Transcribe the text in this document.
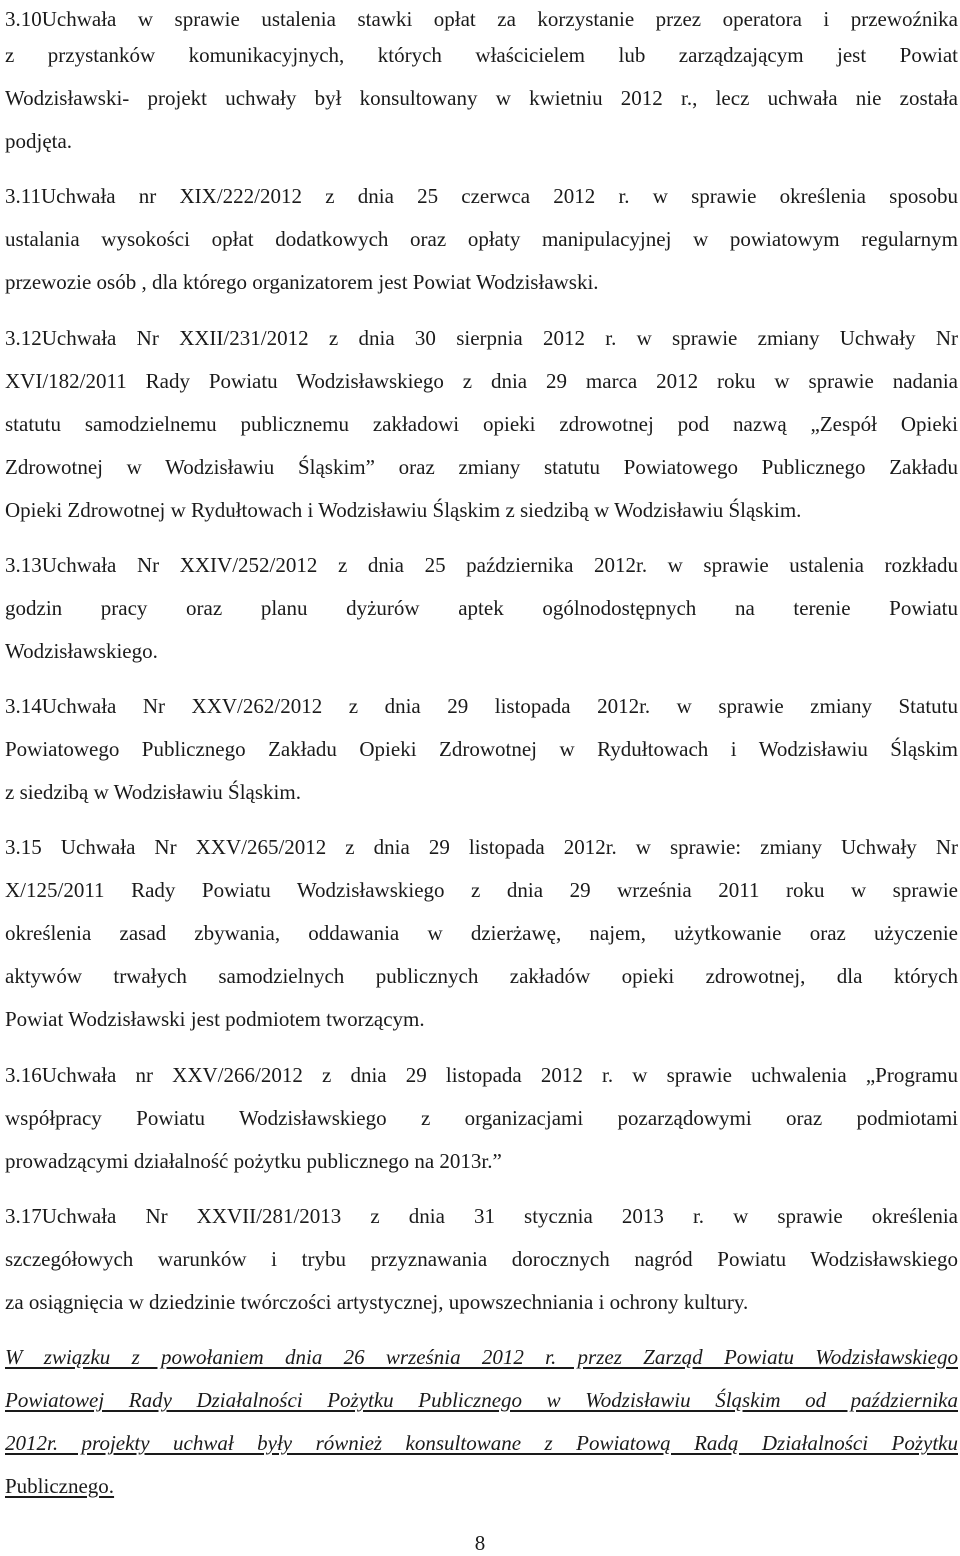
3.10Uchwała w sprawie ustalenia stawki opłat za korzystanie przez operatora i przewoźnika
z przystanków komunikacyjnych, których właścicielem lub zarządzającym jest Powiat
Wodzisławski- projekt uchwały był konsultowany w kwietniu 2012 r., lecz uchwała nie została
podjęta.
3.11Uchwała nr XIX/222/2012 z dnia 25 czerwca 2012 r. w sprawie określenia sposobu
ustalania wysokości opłat dodatkowych oraz opłaty manipulacyjnej w powiatowym regularnym
przewozie osób , dla którego organizatorem jest Powiat Wodzisławski.
3.12Uchwała Nr XXII/231/2012 z dnia 30 sierpnia 2012 r. w sprawie zmiany Uchwały Nr
XVI/182/2011 Rady Powiatu Wodzisławskiego z dnia 29 marca 2012 roku w sprawie nadania
statutu samodzielnemu publicznemu zakładowi opieki zdrowotnej pod nazwą „Zespół Opieki
Zdrowotnej w Wodzisławiu Śląskim” oraz zmiany statutu Powiatowego Publicznego Zakładu
Opieki Zdrowotnej w Rydułtowach i Wodzisławiu Śląskim z siedzibą w Wodzisławiu Śląskim.
3.13Uchwała Nr XXIV/252/2012 z dnia 25 października 2012r. w sprawie ustalenia rozkładu
godzin pracy oraz planu dyżurów aptek ogólnodostępnych na terenie Powiatu
Wodzisławskiego.
3.14Uchwała Nr XXV/262/2012 z dnia 29 listopada 2012r. w sprawie zmiany Statutu
Powiatowego Publicznego Zakładu Opieki Zdrowotnej w Rydułtowach i Wodzisławiu Śląskim
z siedzibą w Wodzisławiu Śląskim.
3.15 Uchwała Nr XXV/265/2012 z dnia 29 listopada 2012r. w sprawie: zmiany Uchwały Nr
X/125/2011 Rady Powiatu Wodzisławskiego z dnia 29 września 2011 roku w sprawie
określenia zasad zbywania, oddawania w dzierżawę, najem, użytkowanie oraz użyczenie
aktywów trwałych samodzielnych publicznych zakładów opieki zdrowotnej, dla których
Powiat Wodzisławski jest podmiotem tworzącym.
3.16Uchwała nr XXV/266/2012 z dnia 29 listopada 2012 r. w sprawie uchwalenia „Programu
współpracy Powiatu Wodzisławskiego z organizacjami pozarządowymi oraz podmiotami
prowadzącymi działalność pożytku publicznego na 2013r.”
3.17Uchwała Nr XXVII/281/2013 z dnia 31 stycznia 2013 r. w sprawie określenia
szczegółowych warunków i trybu przyznawania dorocznych nagród Powiatu Wodzisławskiego
za osiągnięcia w dziedzinie twórczości artystycznej, upowszechniania i ochrony kultury.
W związku z powołaniem dnia 26 września 2012 r. przez Zarząd Powiatu Wodzisławskiego
Powiatowej Rady Działalności Pożytku Publicznego w Wodzisławiu Śląskim od października
2012r. projekty uchwał były również konsultowane z Powiatową Radą Działalności Pożytku
Publicznego.
8
